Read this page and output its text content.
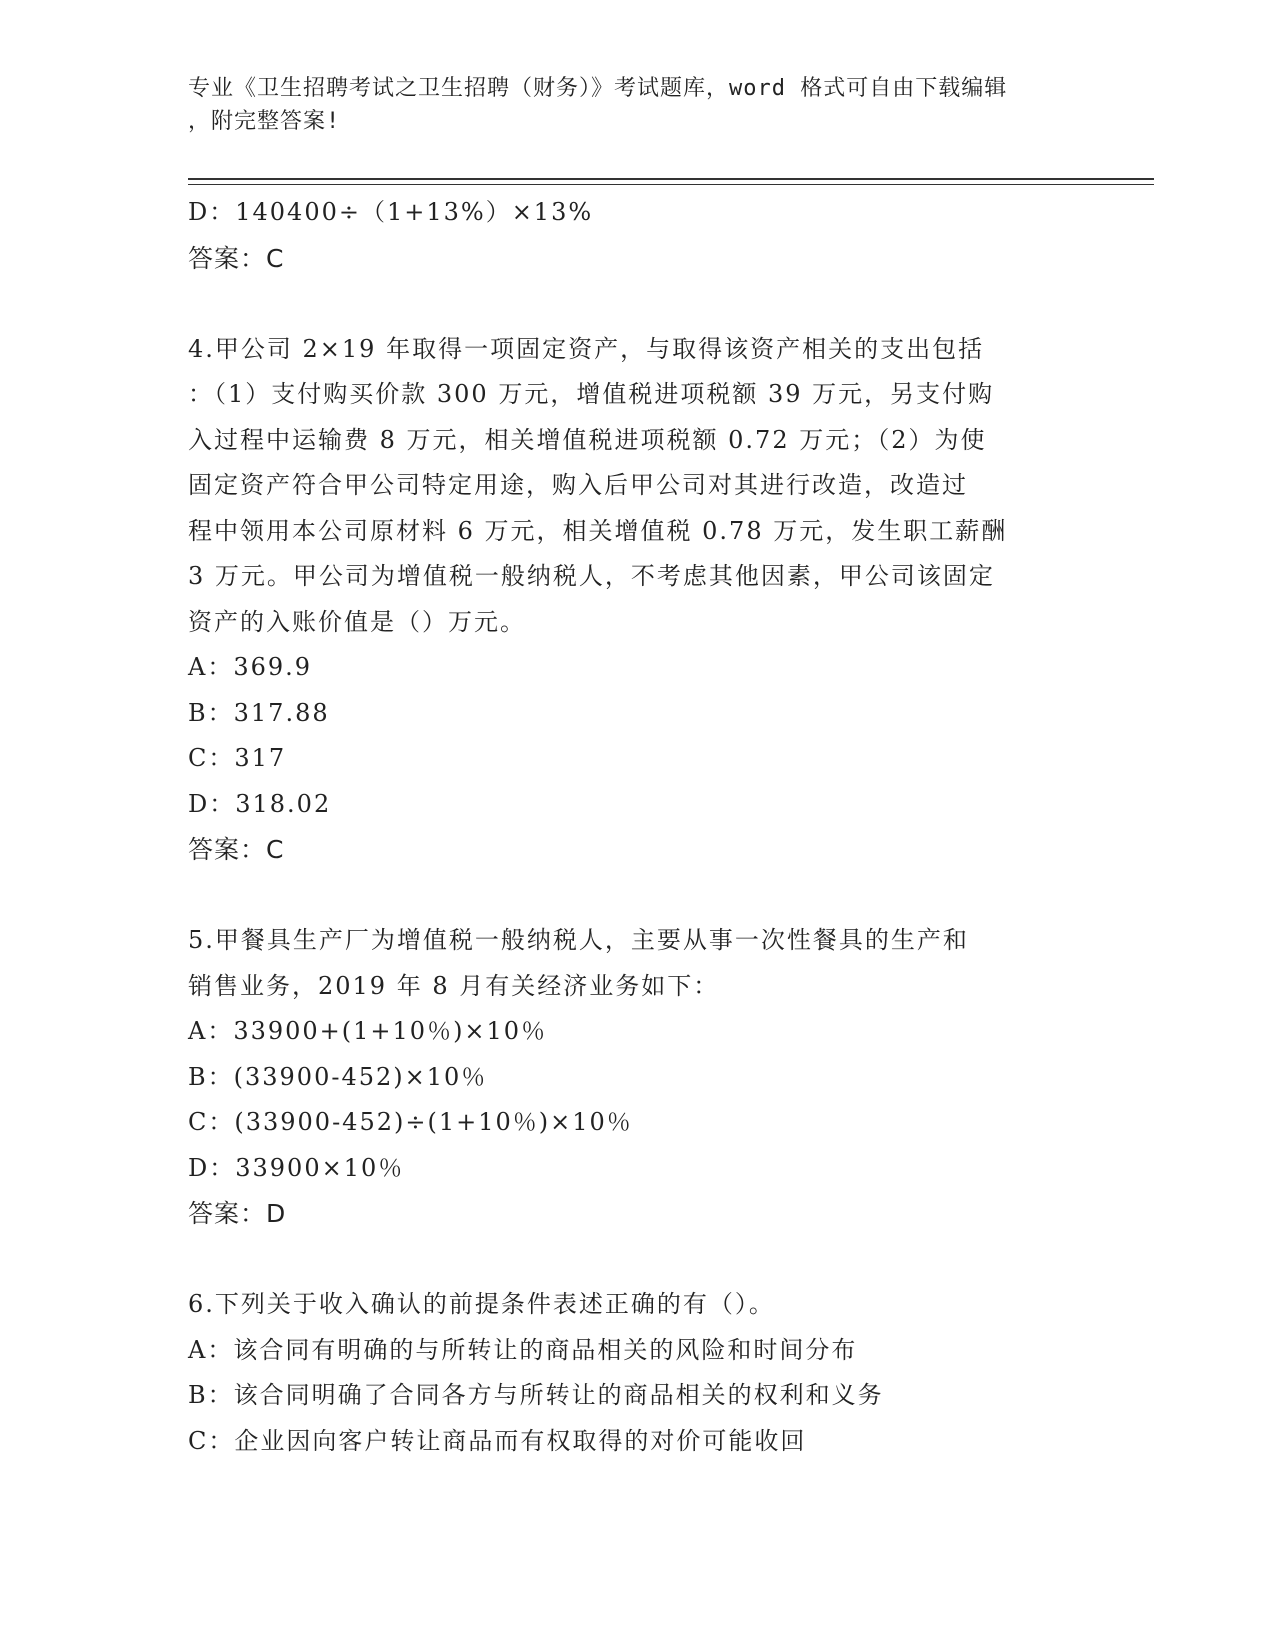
专业《卫生招聘考试之卫生招聘（财务）》考试题库，word 格式可自由下载编辑
，附完整答案!
D：140400÷（1+13%）×13%
答案：C
4.甲公司 2×19 年取得一项固定资产，与取得该资产相关的支出包括
：（1）支付购买价款 300 万元，增值税进项税额 39 万元，另支付购
入过程中运输费 8 万元，相关增值税进项税额 0.72 万元；（2）为使
固定资产符合甲公司特定用途，购入后甲公司对其进行改造，改造过
程中领用本公司原材料 6 万元，相关增值税 0.78 万元，发生职工薪酬
3 万元。甲公司为增值税一般纳税人，不考虑其他因素，甲公司该固定
资产的入账价值是（）万元。
A：369.9
B：317.88
C：317
D：318.02
答案：C
5.甲餐具生产厂为增值税一般纳税人，主要从事一次性餐具的生产和
销售业务，2019 年 8 月有关经济业务如下：
A：33900+(1+10％)×10％
B：(33900-452)×10％
C：(33900-452)÷(1+10％)×10％
D：33900×10％
答案：D
6.下列关于收入确认的前提条件表述正确的有（）。
A：该合同有明确的与所转让的商品相关的风险和时间分布
B：该合同明确了合同各方与所转让的商品相关的权利和义务
C：企业因向客户转让商品而有权取得的对价可能收回
